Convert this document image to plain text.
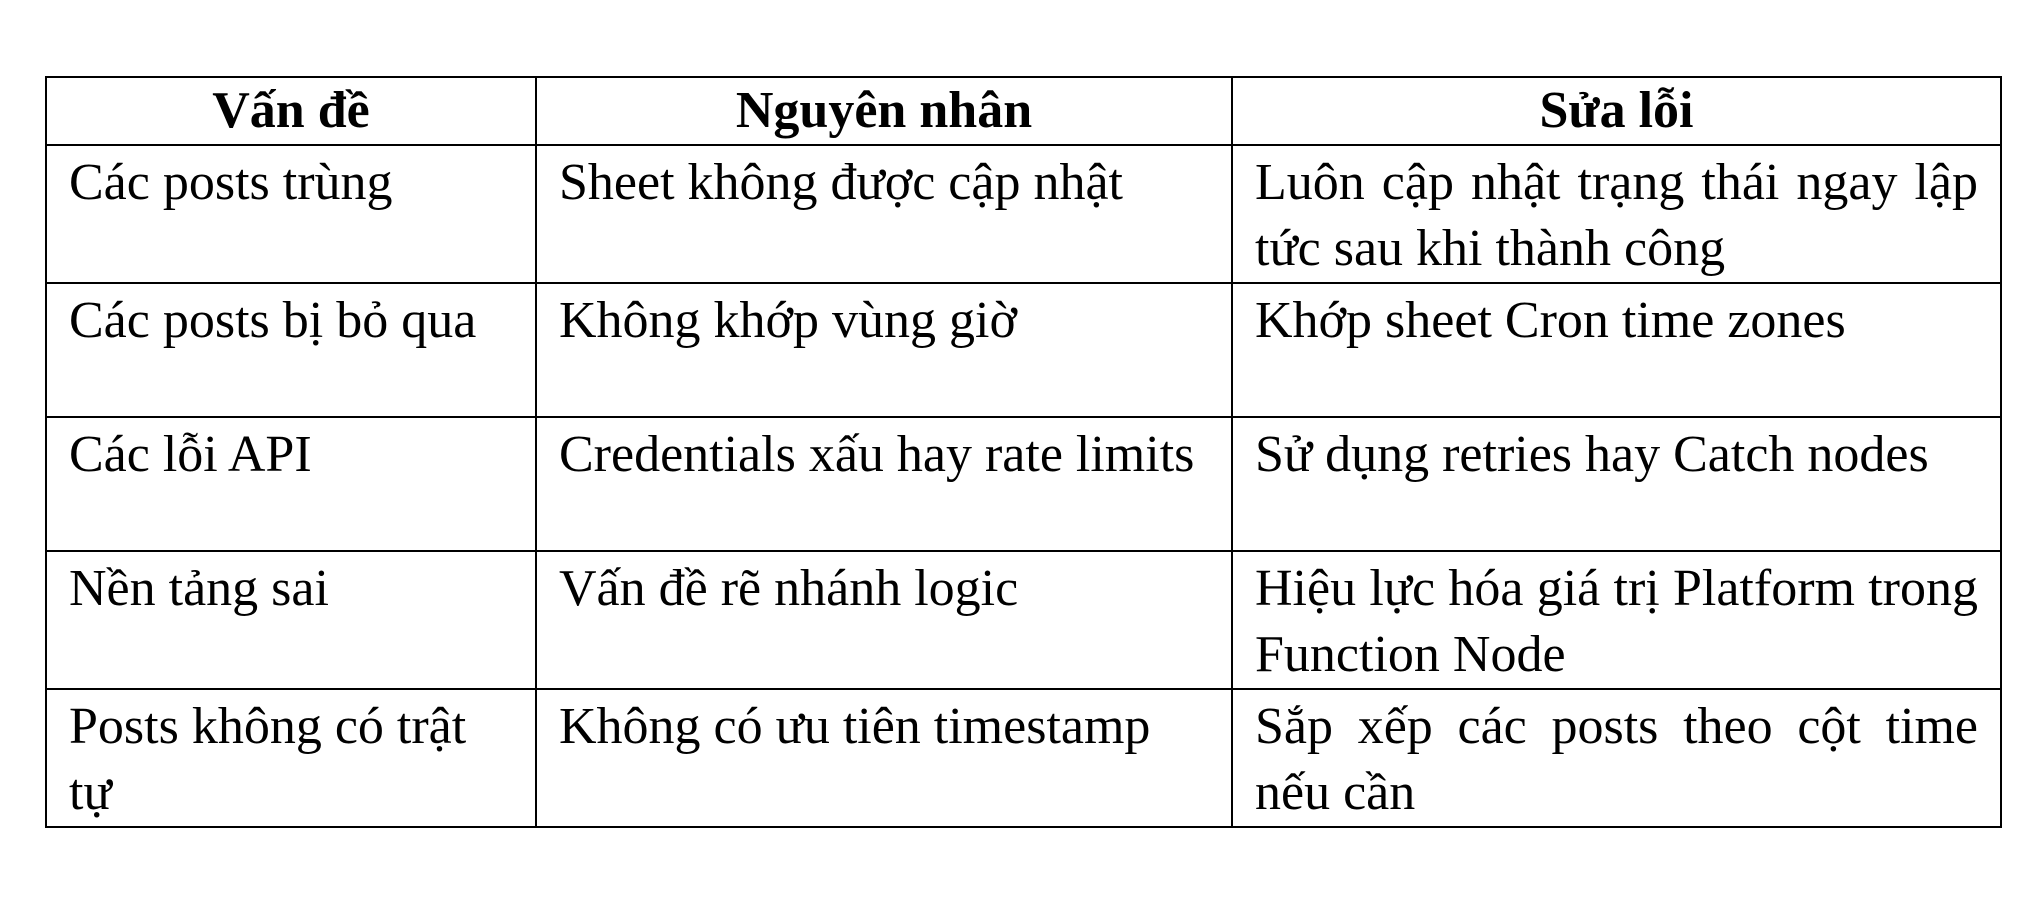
Vấn đề	Nguyên nhân	Sửa lỗi
Các posts trùng	Sheet không được cập nhật	Luôn cập nhật trạng thái ngay lập tức sau khi thành công
Các posts bị bỏ qua	Không khớp vùng giờ	Khớp sheet Cron time zones
Các lỗi API	Credentials xấu hay rate limits	Sử dụng retries hay Catch nodes
Nền tảng sai	Vấn đề rẽ nhánh logic	Hiệu lực hóa giá trị Platform trong Function Node
Posts không có trật tự	Không có ưu tiên timestamp	Sắp xếp các posts theo cột time nếu cần
